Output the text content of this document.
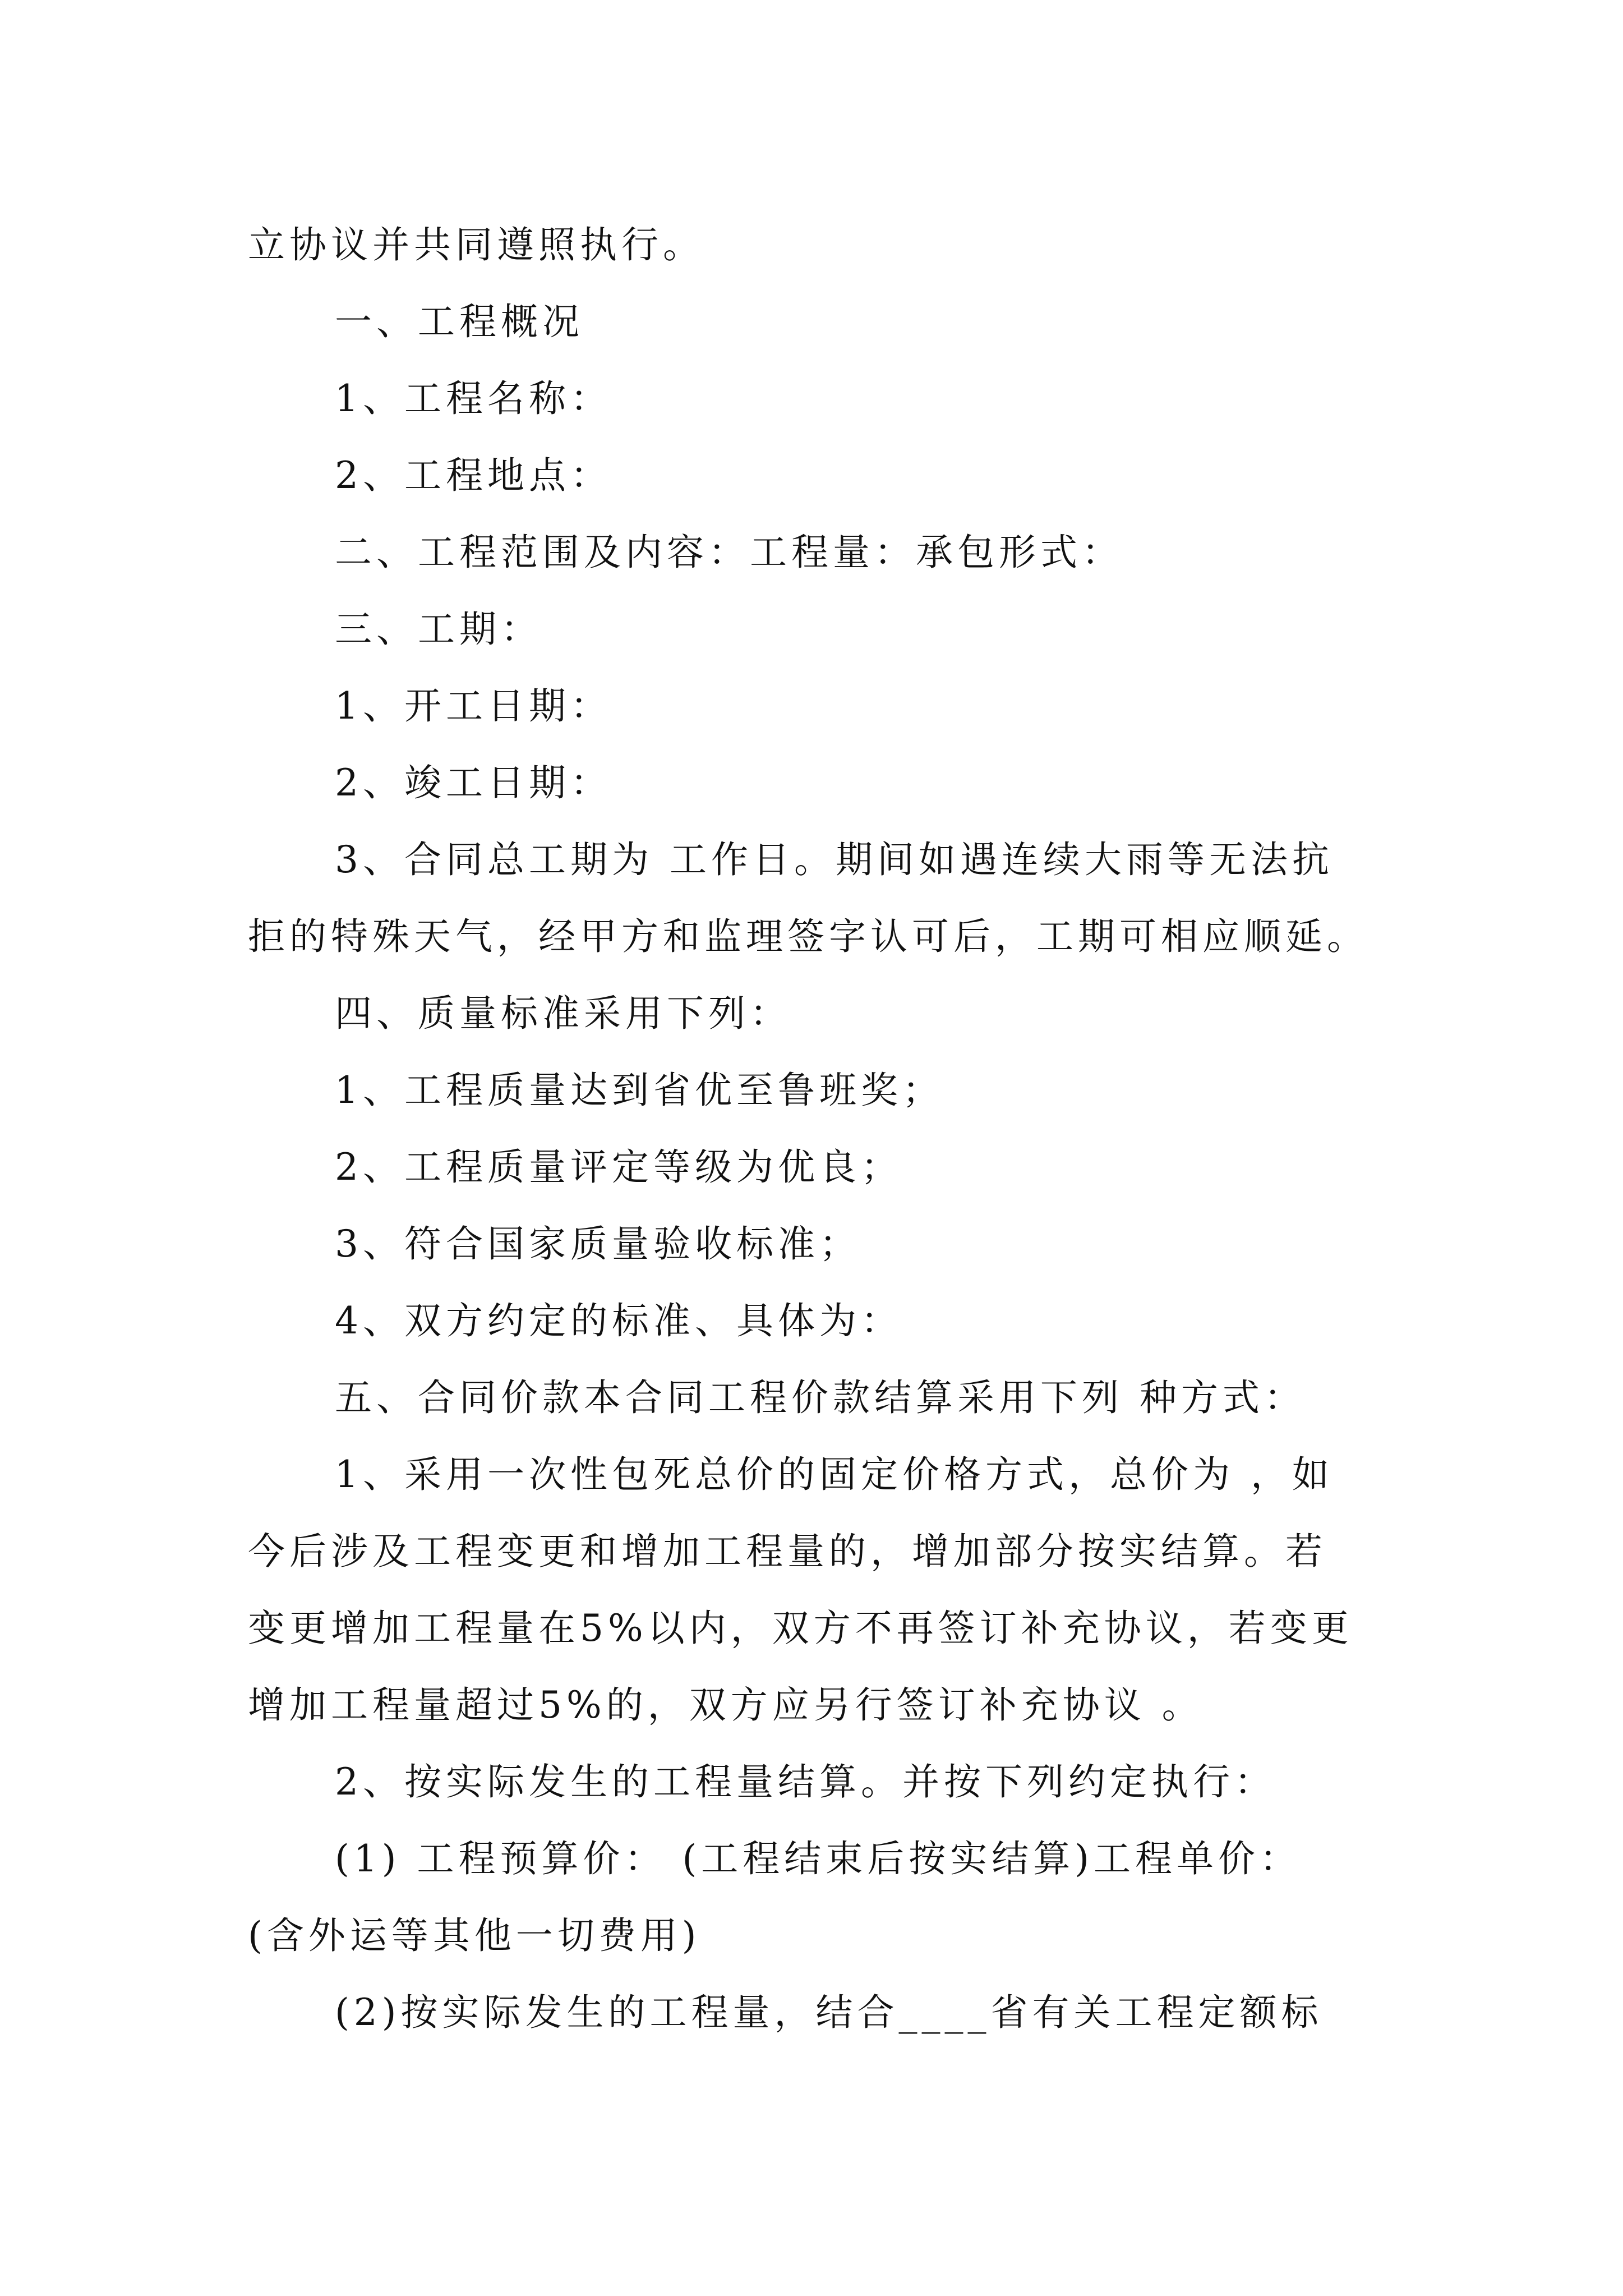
立协议并共同遵照执行。
一、工程概况
1、工程名称：
2、工程地点：
二、工程范围及内容：工程量：承包形式：
三、工期：
1、开工日期：
2、竣工日期：
3、合同总工期为 工作日。期间如遇连续大雨等无法抗
拒的特殊天气，经甲方和监理签字认可后，工期可相应顺延。
四、质量标准采用下列：
1、工程质量达到省优至鲁班奖；
2、工程质量评定等级为优良；
3、符合国家质量验收标准；
4、双方约定的标准、具体为：
五、合同价款本合同工程价款结算采用下列 种方式：
1、采用一次性包死总价的固定价格方式，总价为 ，如
今后涉及工程变更和增加工程量的，增加部分按实结算。若
变更增加工程量在5%以内，双方不再签订补充协议，若变更
增加工程量超过5%的，双方应另行签订补充协议 。
2、按实际发生的工程量结算。并按下列约定执行：
(1) 工程预算价： (工程结束后按实结算)工程单价：
(含外运等其他一切费用)
(2)按实际发生的工程量，结合____省有关工程定额标
